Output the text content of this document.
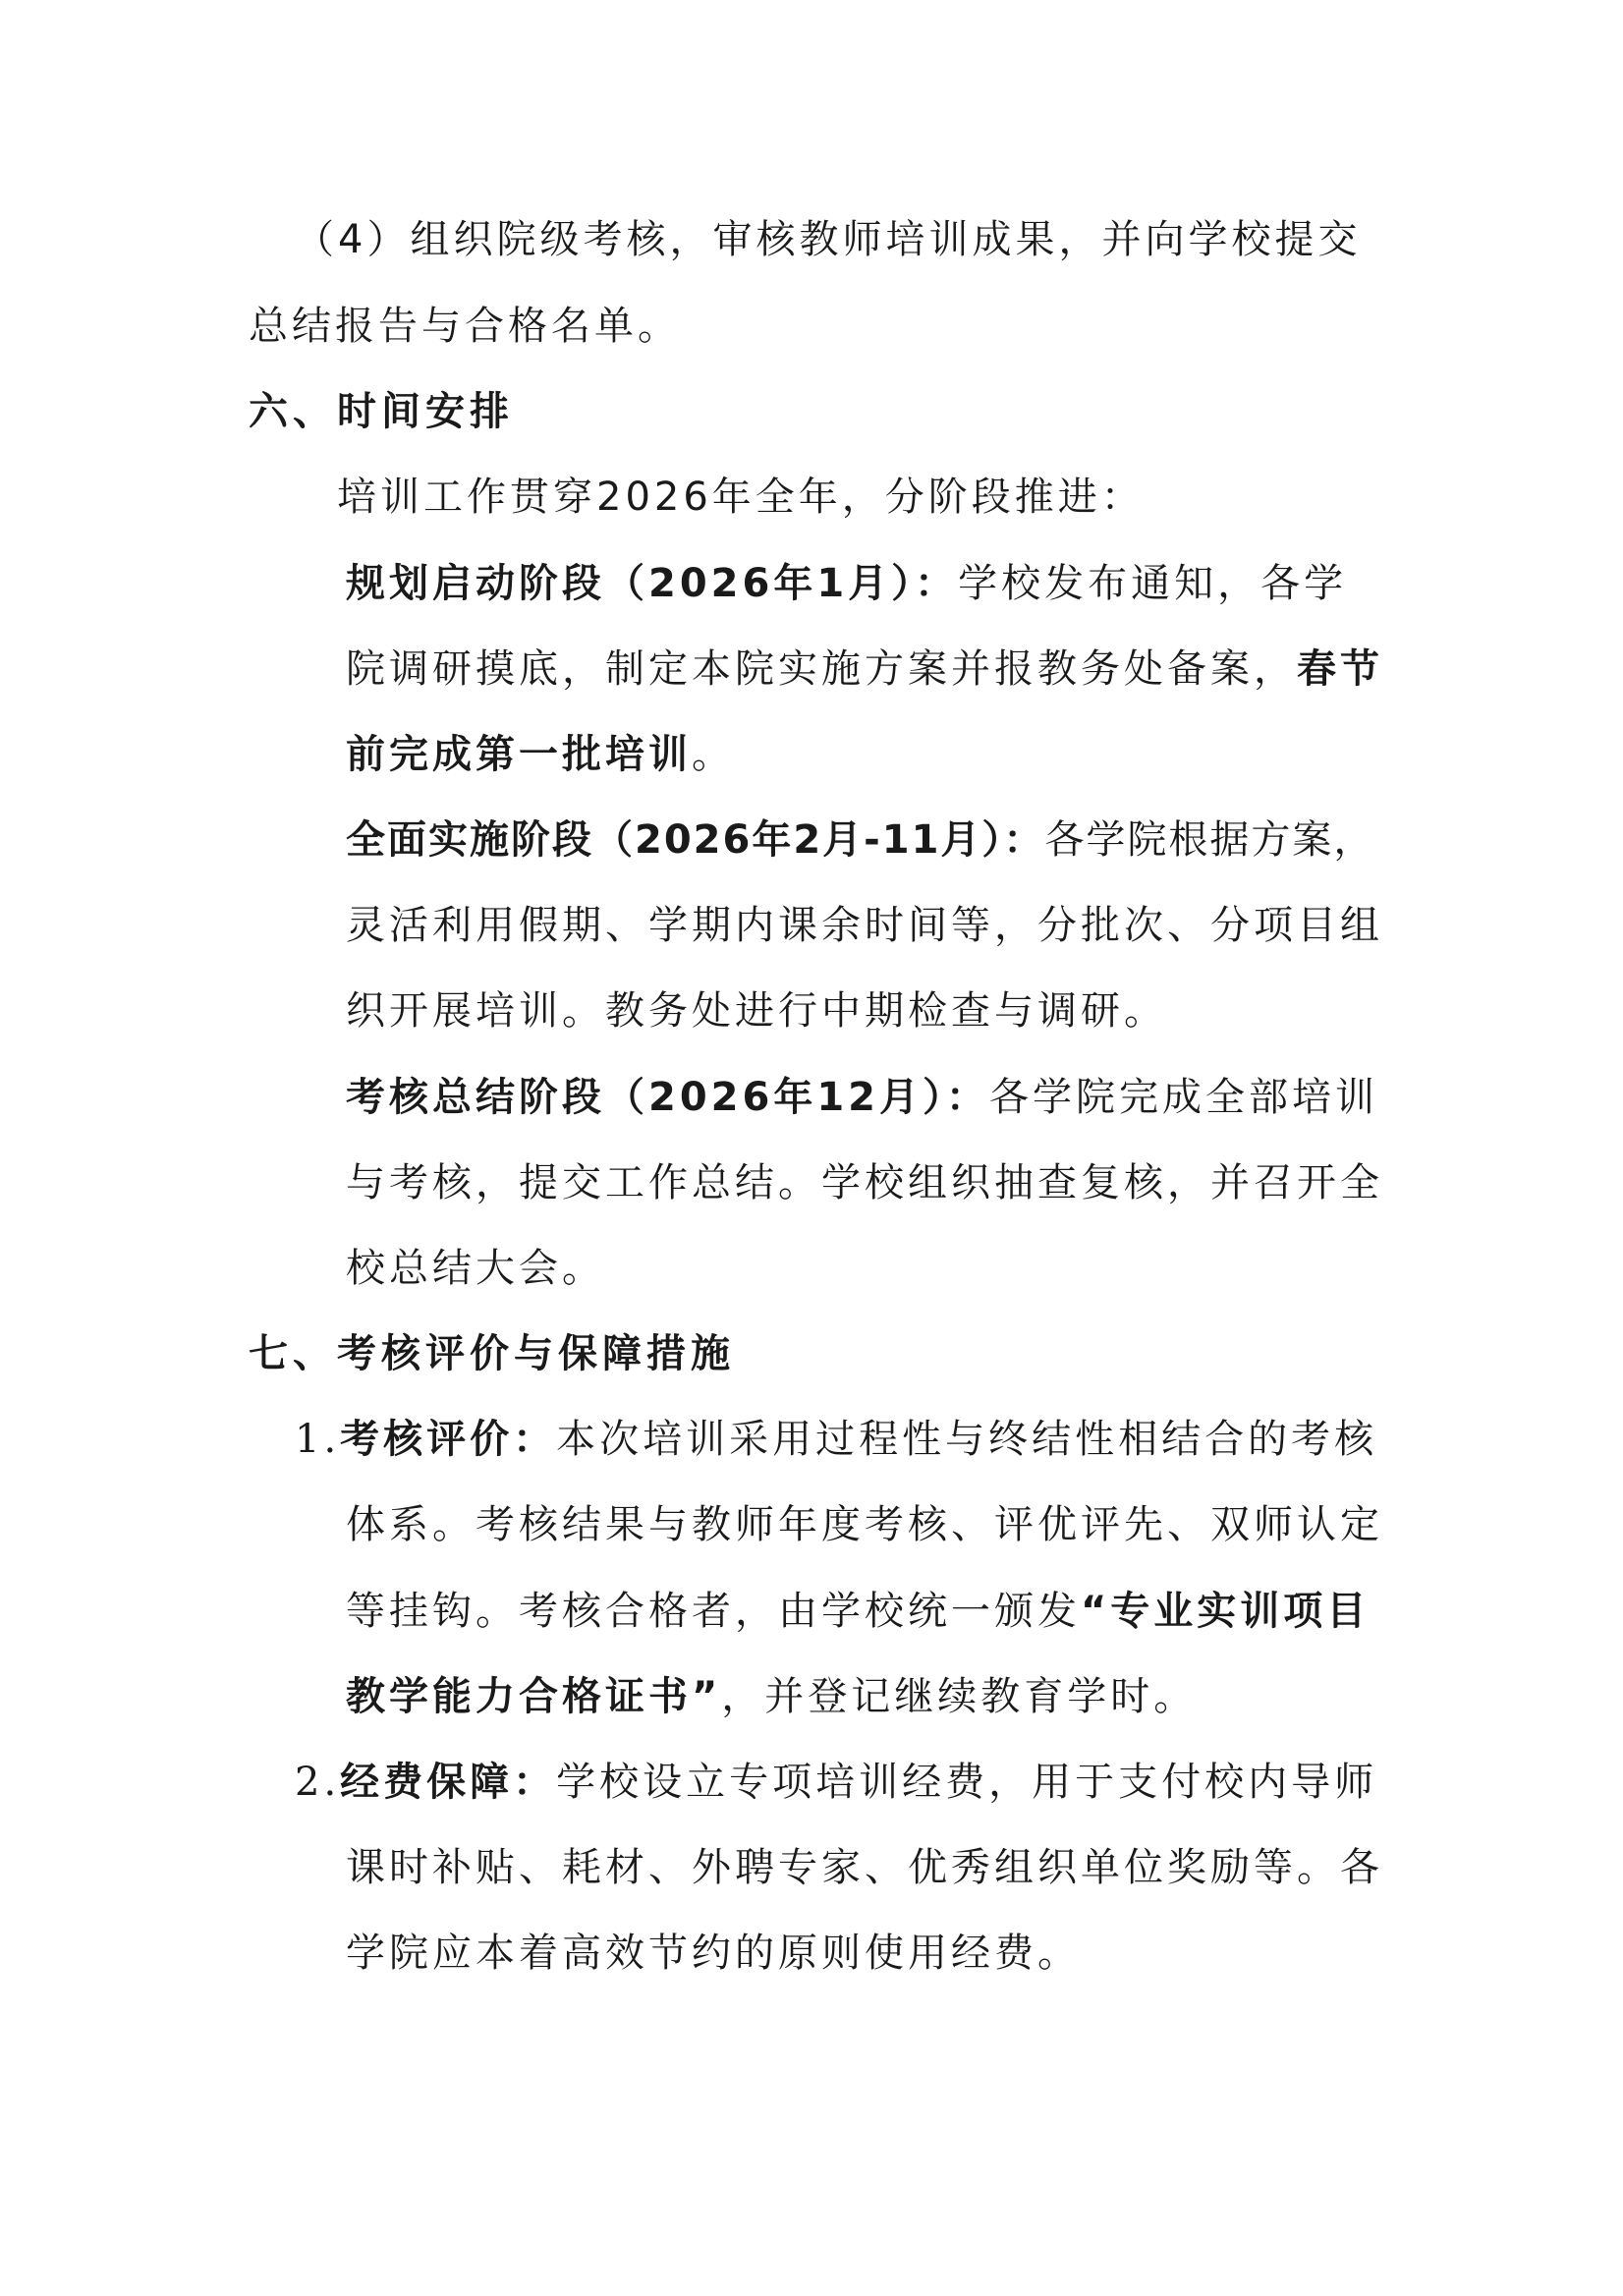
（4）组织院级考核，审核教师培训成果，并向学校提交
总结报告与合格名单。
六、时间安排
培训工作贯穿2026年全年，分阶段推进：
规划启动阶段（2026年1月）：学校发布通知，各学
院调研摸底，制定本院实施方案并报教务处备案，春节
前完成第一批培训。
全面实施阶段（2026年2月-11月）：各学院根据方案，
灵活利用假期、学期内课余时间等，分批次、分项目组
织开展培训。教务处进行中期检查与调研。
考核总结阶段（2026年12月）：各学院完成全部培训
与考核，提交工作总结。学校组织抽查复核，并召开全
校总结大会。
七、考核评价与保障措施
1.考核评价：本次培训采用过程性与终结性相结合的考核
体系。考核结果与教师年度考核、评优评先、双师认定
等挂钩。考核合格者，由学校统一颁发“专业实训项目
教学能力合格证书”，并登记继续教育学时。
2.经费保障：学校设立专项培训经费，用于支付校内导师
课时补贴、耗材、外聘专家、优秀组织单位奖励等。各
学院应本着高效节约的原则使用经费。
